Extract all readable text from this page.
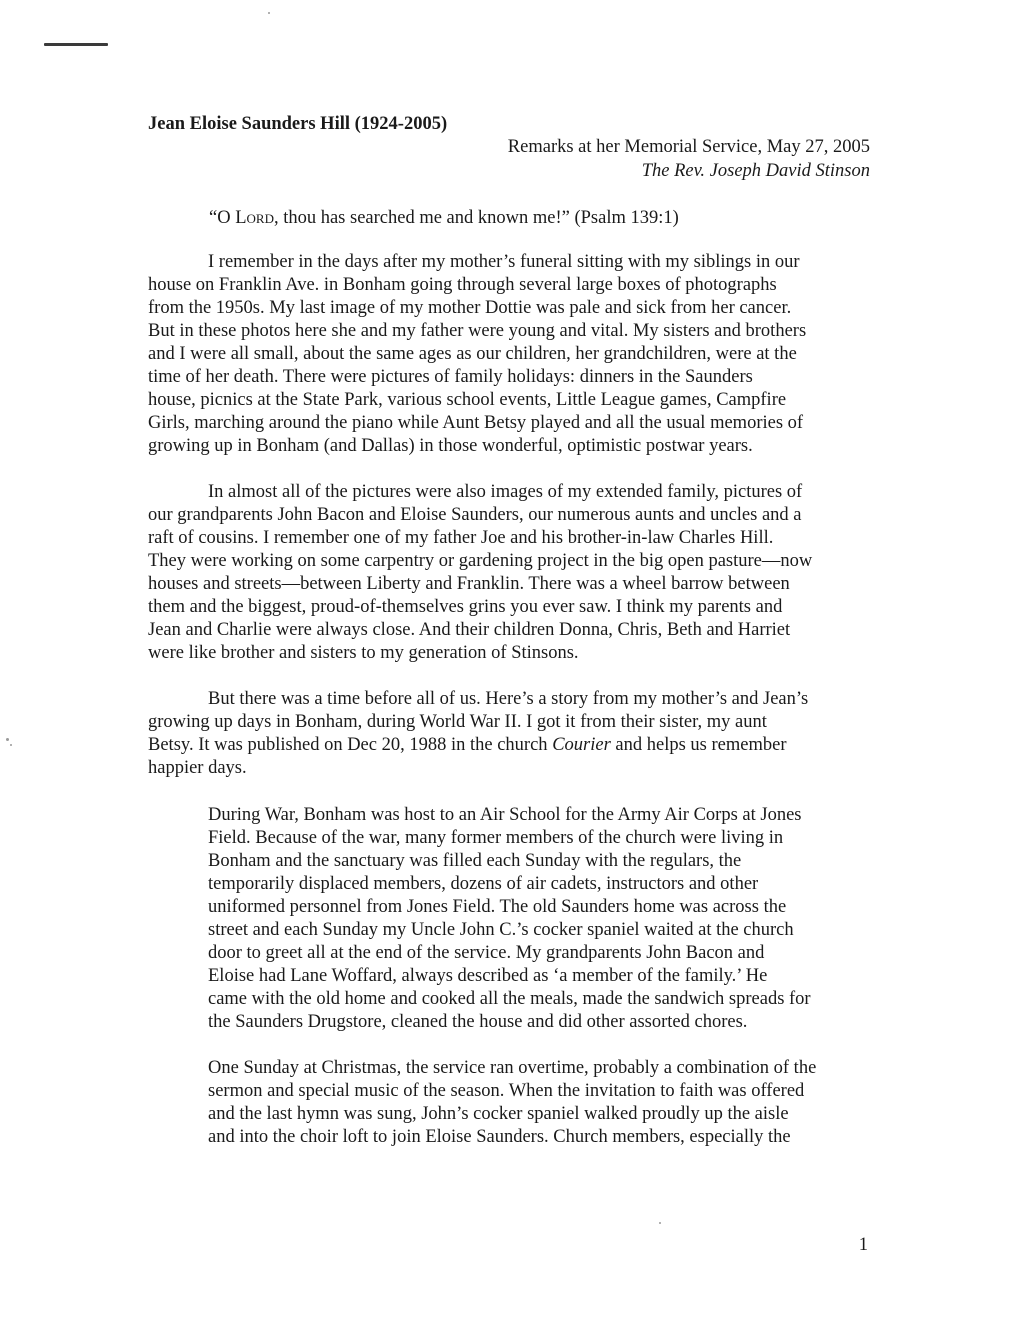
Jean Eloise Saunders Hill (1924-2005)
Remarks at her Memorial Service, May 27, 2005
The Rev. Joseph David Stinson
“O Lord, thou has searched me and known me!” (Psalm 139:1)

I remember in the days after my mother’s funeral sitting with my siblings in our
house on Franklin Ave. in Bonham going through several large boxes of photographs
from the 1950s. My last image of my mother Dottie was pale and sick from her cancer.
But in these photos here she and my father were young and vital. My sisters and brothers
and I were all small, about the same ages as our children, her grandchildren, were at the
time of her death. There were pictures of family holidays: dinners in the Saunders
house, picnics at the State Park, various school events, Little League games, Campfire
Girls, marching around the piano while Aunt Betsy played and all the usual memories of
growing up in Bonham (and Dallas) in those wonderful, optimistic postwar years.

In almost all of the pictures were also images of my extended family, pictures of
our grandparents John Bacon and Eloise Saunders, our numerous aunts and uncles and a
raft of cousins. I remember one of my father Joe and his brother-in-law Charles Hill.
They were working on some carpentry or gardening project in the big open pasture—now
houses and streets—between Liberty and Franklin. There was a wheel barrow between
them and the biggest, proud-of-themselves grins you ever saw. I think my parents and
Jean and Charlie were always close. And their children Donna, Chris, Beth and Harriet
were like brother and sisters to my generation of Stinsons.

But there was a time before all of us. Here’s a story from my mother’s and Jean’s
growing up days in Bonham, during World War II. I got it from their sister, my aunt
Betsy. It was published on Dec 20, 1988 in the church Courier and helps us remember
happier days.

During War, Bonham was host to an Air School for the Army Air Corps at Jones
Field. Because of the war, many former members of the church were living in
Bonham and the sanctuary was filled each Sunday with the regulars, the
temporarily displaced members, dozens of air cadets, instructors and other
uniformed personnel from Jones Field. The old Saunders home was across the
street and each Sunday my Uncle John C.’s cocker spaniel waited at the church
door to greet all at the end of the service. My grandparents John Bacon and
Eloise had Lane Woffard, always described as ‘a member of the family.’ He
came with the old home and cooked all the meals, made the sandwich spreads for
the Saunders Drugstore, cleaned the house and did other assorted chores.

One Sunday at Christmas, the service ran overtime, probably a combination of the
sermon and special music of the season. When the invitation to faith was offered
and the last hymn was sung, John’s cocker spaniel walked proudly up the aisle
and into the choir loft to join Eloise Saunders. Church members, especially the

1
